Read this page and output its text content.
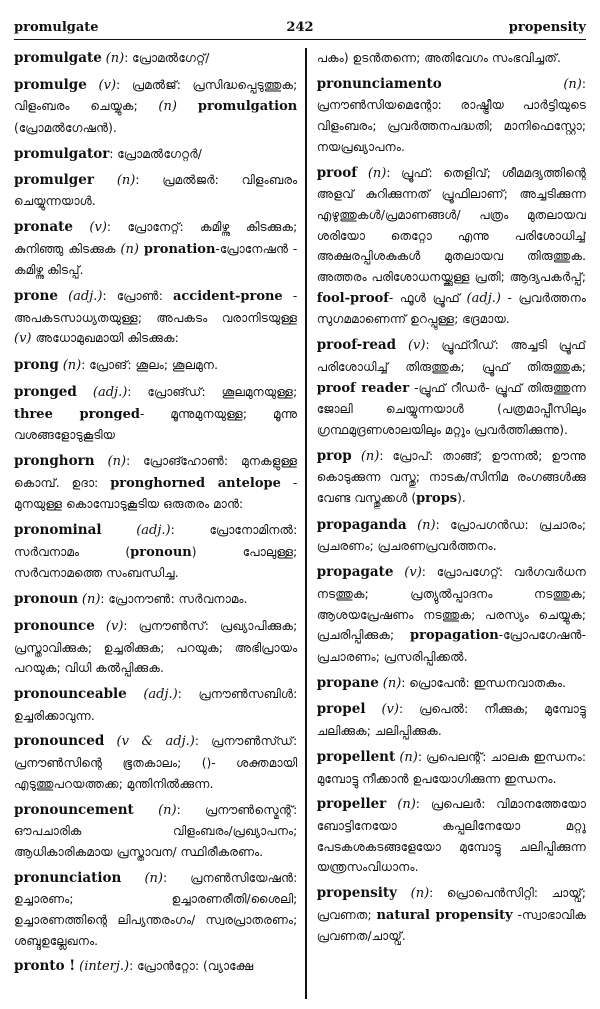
promulgate	242	propensity

promulgate (n): പ്രോമൽഗേറ്റ്/

promulge (v): പ്രമൽജ്: പ്രസിദ്ധപ്പെടുത്തുക; വിളംബരം ചെയ്യുക; (n) promulgation (പ്രോമൽഗേഷൻ).

promulgator: പ്രോമൽഗേറ്റർ/

promulger (n): പ്രമൽജർ: വിളംബരം ചെയ്യുന്നയാൾ.

pronate (v): പ്രോനേറ്റ്: കമിഴ്ന്നു കിടക്കുക; കുനിഞ്ഞു കിടക്കുക (n) pronation-പ്രോനേഷൻ - കമിഴ്ന്നു കിടപ്പ്.

prone (adj.): പ്രോൺ: accident-prone - അപകടസാധ്യതയുള്ള; അപകടം വരാനിടയുള്ള (v) അധോമുഖമായി കിടക്കുക:

prong (n): പ്രോങ്: ശൂലം; ശൂലമുന.

pronged (adj.): പ്രോങ്ഡ്: ശൂലമുനയുള്ള; three pronged- മൂന്നുമുനയുള്ള; മൂന്നു വശങ്ങളോടുകൂടിയ

pronghorn (n): പ്രോങ്ഹോൺ: മുനകളുള്ള കൊമ്പ്. ഉദാ: pronghorned antelope - മുനയുള്ള കൊമ്പോടുകൂടിയ ഒരുതരം മാൻ:

pronominal	(adj.): പ്രോനോമിനൽ: സർവനാമം (pronoun) പോലുള്ള; സർവനാമത്തെ സംബന്ധിച്ച.

pronoun (n): പ്രോനൗൺ: സർവനാമം.

pronounce (v): പ്രനൗൺസ്: പ്രഖ്യാപിക്കുക; പ്രസ്താവിക്കുക; ഉച്ചരിക്കുക; പറയുക; അഭിപ്രായം പറയുക; വിധി കൽപ്പിക്കുക.

pronounceable (adj.): പ്രനൗൺസബിൾ: ഉച്ചരിക്കാവുന്ന.

pronounced (v & adj.): പ്രനൗൺസ്ഡ്: പ്രനൗൺസിന്റെ ഭൂതകാലം; ()- ശക്തമായി എടുത്തുപറയത്തക്ക; മുന്തിനിൽക്കുന്ന.

pronouncement (n): പ്രനൗൺസ്മെന്റ്: ഔപചാരിക വിളംബരം/പ്രഖ്യാപനം; ആധികാരികമായ പ്രസ്താവന/ സ്ഥിരീകരണം.

pronunciation (n): പ്രനൺസിയേഷൻ: ഉച്ചാരണം; ഉച്ചാരണരീതി/ശൈലി; ഉച്ചാരണത്തിന്റെ ലിപ്യന്തരംഗം/ സ്വരപ്രാതരണം; ശബ്ദഉല്ലേഖനം.

pronto ! (interj.): പ്രോൻറ്റോ: (വ്യാക്ഷേ

പകം) ഉടൻതന്നെ; അതിവേഗം സംഭവിച്ചത്.

pronunciamento	(n): പ്രനൗൺസിയമെന്റോ: രാഷ്ട്രീയ പാർട്ടിയുടെ വിളംബരം; പ്രവർത്തനപദ്ധതി; മാനിഫെസ്റ്റോ; നയപ്രഖ്യാപനം.

proof (n): പ്രൂഫ്: തെളിവ്; ശീമമദ്യത്തിന്റെ അളവ് കുറിക്കുന്നത് പ്രൂഫിലാണ്; അച്ചടിക്കുന്ന എഴുത്തുകൾ/പ്രമാണങ്ങൾ/ പത്രം മുതലായവ ശരിയോ തെറ്റോ എന്നു പരിശോധിച്ച് അക്ഷരപ്പിശകുകൾ മുതലായവ തിരുത്തുക. അത്തരം പരിശോധനയ്ക്കുള്ള പ്രതി; ആദ്യപകർപ്പ്; fool-proof- ഫൂൾ പ്രൂഫ് (adj.) - പ്രവർത്തനം സുഗമമാണെന്ന് ഉറപ്പുള്ള; ഭദ്രമായ.

proof-read (v): പ്രൂഫ്റീഡ്: അച്ചടി പ്രൂഫ് പരിശോധിച്ച് തിരുത്തുക; പ്രൂഫ് തിരുത്തുക; proof reader -പ്രൂഫ് റീഡർ- പ്രൂഫ് തിരുത്തുന്ന ജോലി ചെയ്യുന്നയാൾ (പത്രമാപ്പീസിലും ഗ്രന്ഥമുദ്രണശാലയിലും മറ്റും പ്രവർത്തിക്കുന്നു).

prop (n): പ്രോപ്: താങ്ങ്; ഊന്നൽ; ഊന്നു കൊടുക്കുന്ന വസ്തു; നാടക/സിനിമ രംഗങ്ങൾക്കു വേണ്ട വസ്തുക്കൾ (props).

propaganda (n): പ്രോപഗൻഡ: പ്രചാരം; പ്രചരണം; പ്രചരണപ്രവർത്തനം.

propagate (v): പ്രോപഗേറ്റ്: വർഗവർധന നടത്തുക; പ്രത്യുൽപ്പാദനം നടത്തുക; ആശയപ്രേഷണം നടത്തുക; പരസ്യം ചെയ്യുക; പ്രചരിപ്പിക്കുക; propagation-പ്രോപഗേഷൻ-പ്രചാരണം; പ്രസരിപ്പിക്കൽ.

propane (n): പ്രൊപേൻ: ഇന്ധനവാതകം.

propel (v): പ്രപെൽ: നീക്കുക; മുമ്പോട്ടു ചലിക്കുക; ചലിപ്പിക്കുക.

propellent (n): പ്രപെലന്റ്: ചാലക ഇന്ധനം: മുമ്പോട്ടു നീക്കാൻ ഉപയോഗിക്കുന്ന ഇന്ധനം.

propeller (n): പ്രപെലർ: വിമാനത്തേയോ ബോട്ടിനേയോ കപ്പലിനേയോ മറ്റു പേടകശകടങ്ങളേയോ മുമ്പോട്ടു ചലിപ്പിക്കുന്ന യന്ത്രസംവിധാനം.

propensity (n): പ്രൊപെൻസിറ്റി: ചായ്വ്; പ്രവണത; natural propensity -സ്വാഭാവിക പ്രവണത/ചായ്വ്.
